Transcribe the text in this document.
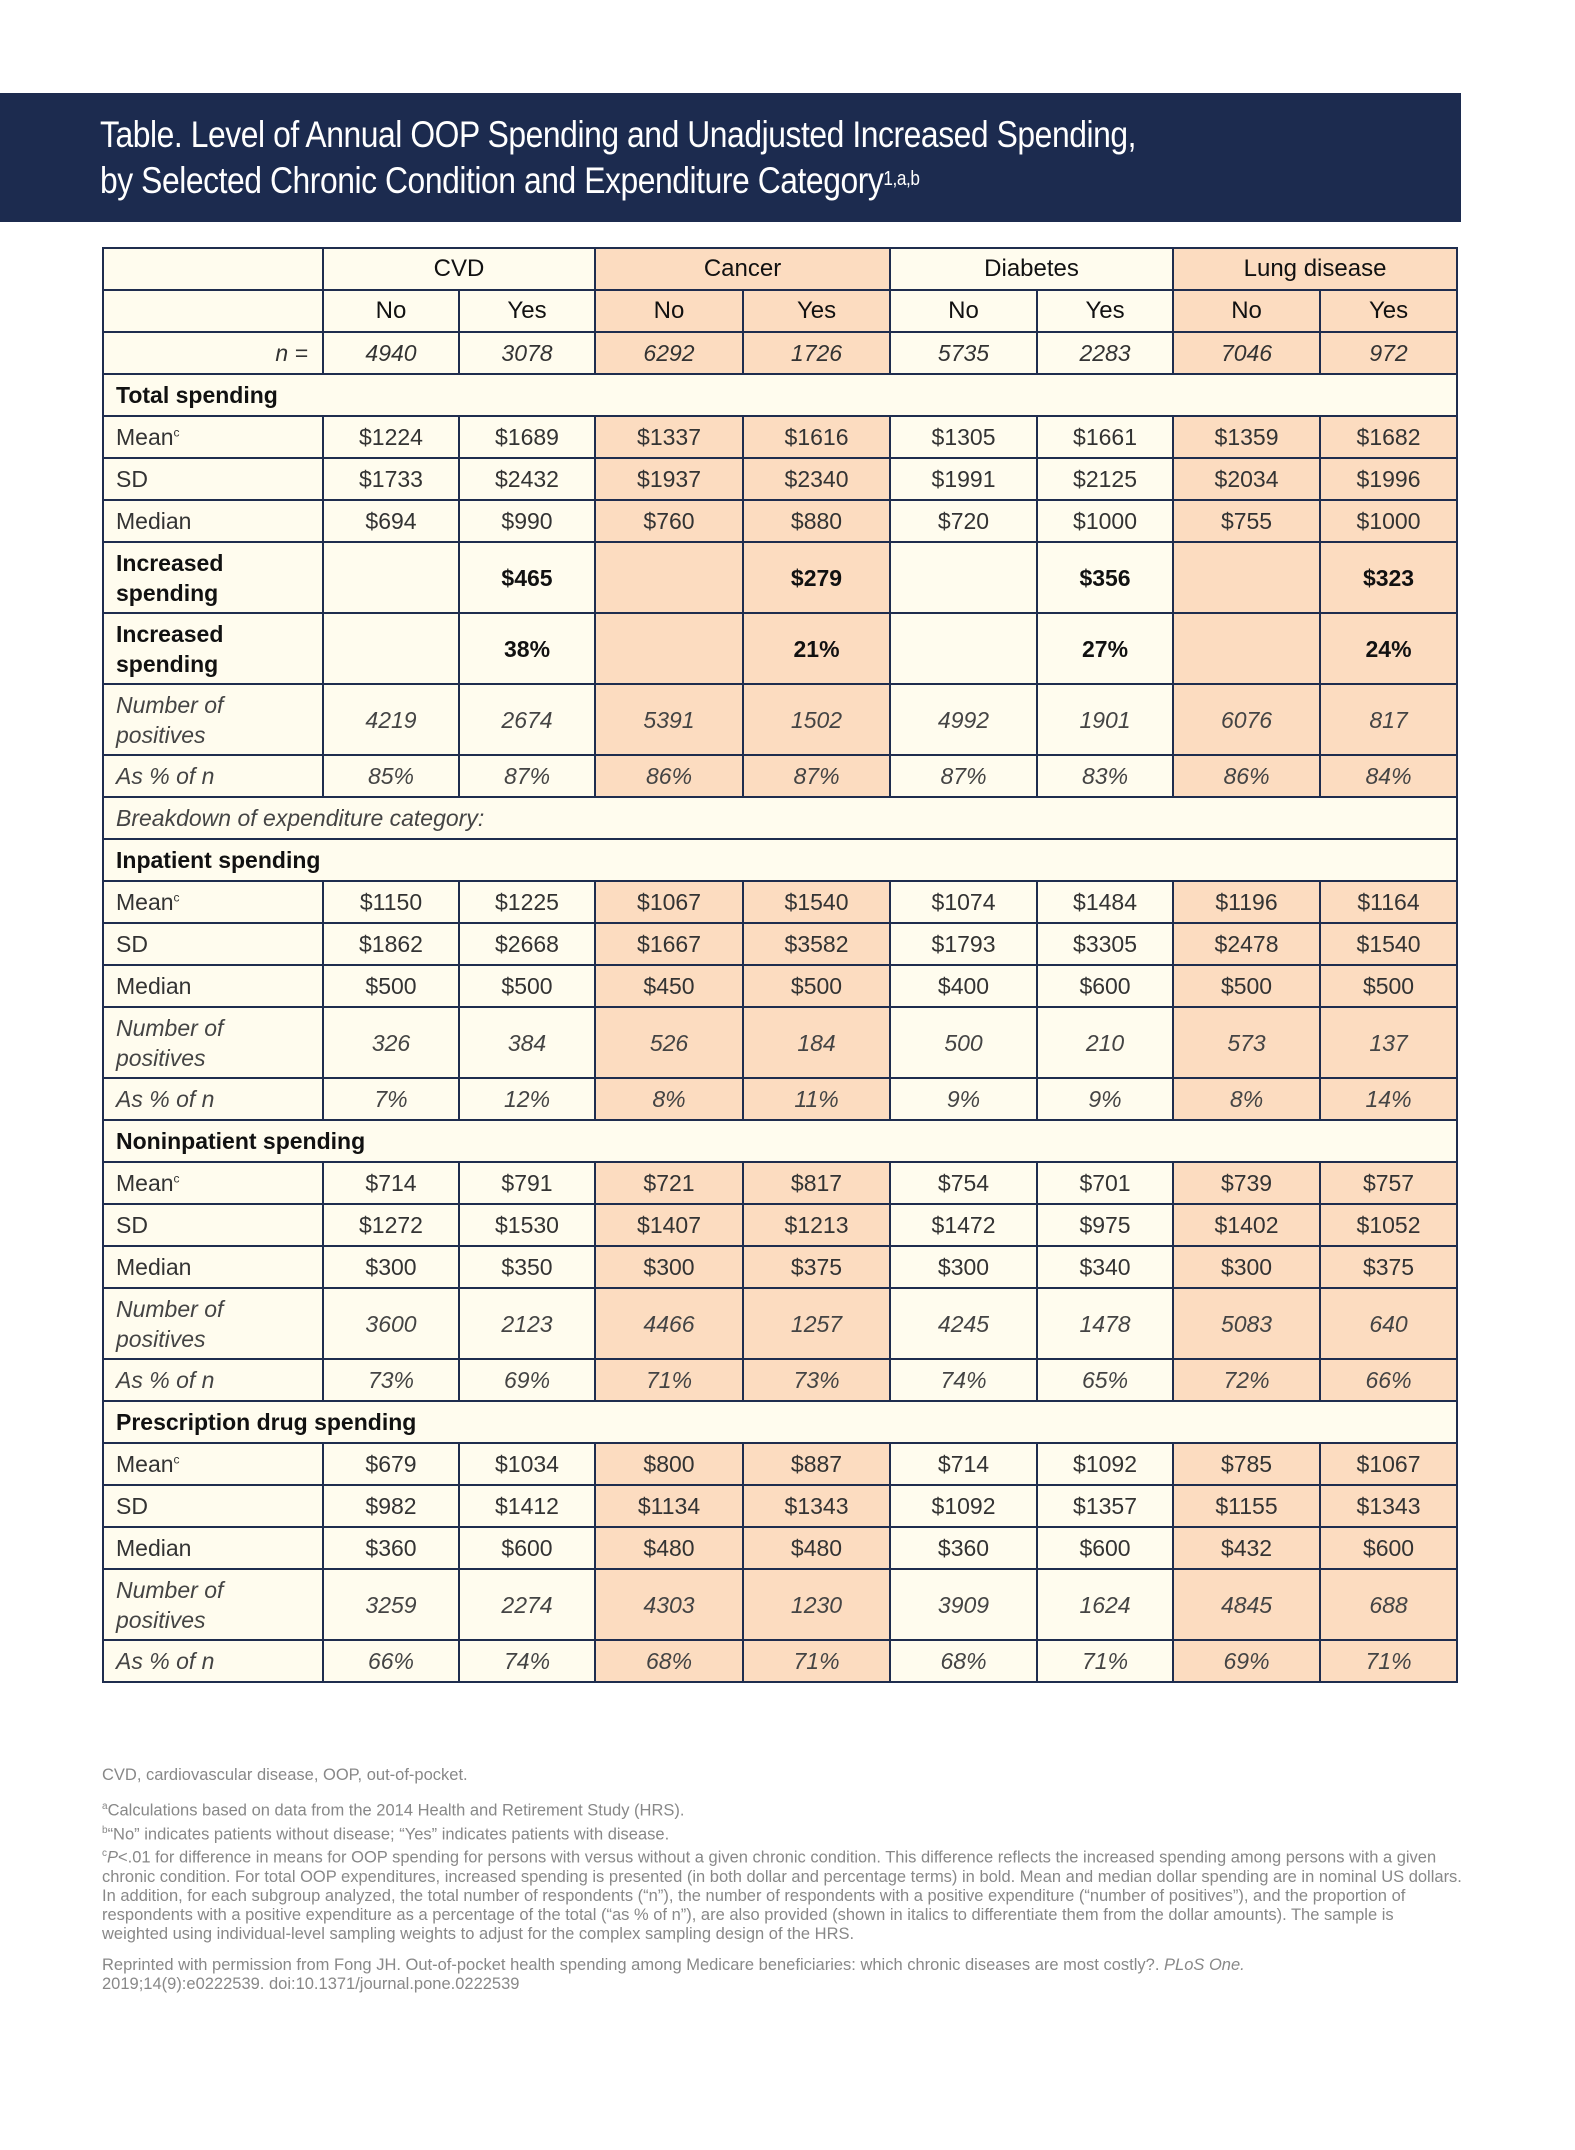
Table. Level of Annual OOP Spending and Unadjusted Increased Spending,
by Selected Chronic Condition and Expenditure Category$^{1,a,b}$
	CVD		Cancer		Diabetes		Lung disease	
	No	Yes	No	Yes	No	Yes	No	Yes
n =	4940	3078	6292	1726	5735	2283	7046	972
Total spending								
Mean$^c$	$1224	$1689	$1337	$1616	$1305	$1661	$1359	$1682
SD	$1733	$2432	$1937	$2340	$1991	$2125	$2034	$1996
Median	$694	$990	$760	$880	$720	$1000	$755	$1000
Increased spending		$465		$279		$356		$323
Increased spending		38%		21%		27%		24%
Number of positives	4219	2674	5391	1502	4992	1901	6076	817
As % of n	85%	87%	86%	87%	87%	83%	86%	84%
Breakdown of expenditure category:								
Inpatient spending								
Mean$^c$	$1150	$1225	$1067	$1540	$1074	$1484	$1196	$1164
SD	$1862	$2668	$1667	$3582	$1793	$3305	$2478	$1540
Median	$500	$500	$450	$500	$400	$600	$500	$500
Number of positives	326	384	526	184	500	210	573	137
As % of n	7%	12%	8%	11%	9%	9%	8%	14%
Noninpatient spending								
Mean$^c$	$714	$791	$721	$817	$754	$701	$739	$757
SD	$1272	$1530	$1407	$1213	$1472	$975	$1402	$1052
Median	$300	$350	$300	$375	$300	$340	$300	$375
Number of positives	3600	2123	4466	1257	4245	1478	5083	640
As % of n	73%	69%	71%	73%	74%	65%	72%	66%
Prescription drug spending								
Mean$^c$	$679	$1034	$800	$887	$714	$1092	$785	$1067
SD	$982	$1412	$1134	$1343	$1092	$1357	$1155	$1343
Median	$360	$600	$480	$480	$360	$600	$432	$600
Number of positives	3259	2274	4303	1230	3909	1624	4845	688
As % of n	66%	74%	68%	71%	68%	71%	69%	71%

CVD, cardiovascular disease, OOP, out-of-pocket.

$^a$Calculations based on data from the 2014 Health and Retirement Study (HRS).

$^b$“No” indicates patients without disease; “Yes” indicates patients with disease.

$^c$P<.01 for difference in means for OOP spending for persons with versus without a given chronic condition. This difference reflects the increased spending among persons with a given chronic condition. For total OOP expenditures, increased spending is presented (in both dollar and percentage terms) in bold. Mean and median dollar spending are in nominal US dollars. In addition, for each subgroup analyzed, the total number of respondents (“n”), the number of respondents with a positive expenditure (“number of positives”), and the proportion of respondents with a positive expenditure as a percentage of the total (“as % of n”), are also provided (shown in italics to differentiate them from the dollar amounts). The sample is weighted using individual-level sampling weights to adjust for the complex sampling design of the HRS.

Reprinted with permission from Fong JH. Out-of-pocket health spending among Medicare beneficiaries: which chronic diseases are most costly?. PLoS One.
2019;14(9):e0222539. doi:10.1371/journal.pone.0222539
